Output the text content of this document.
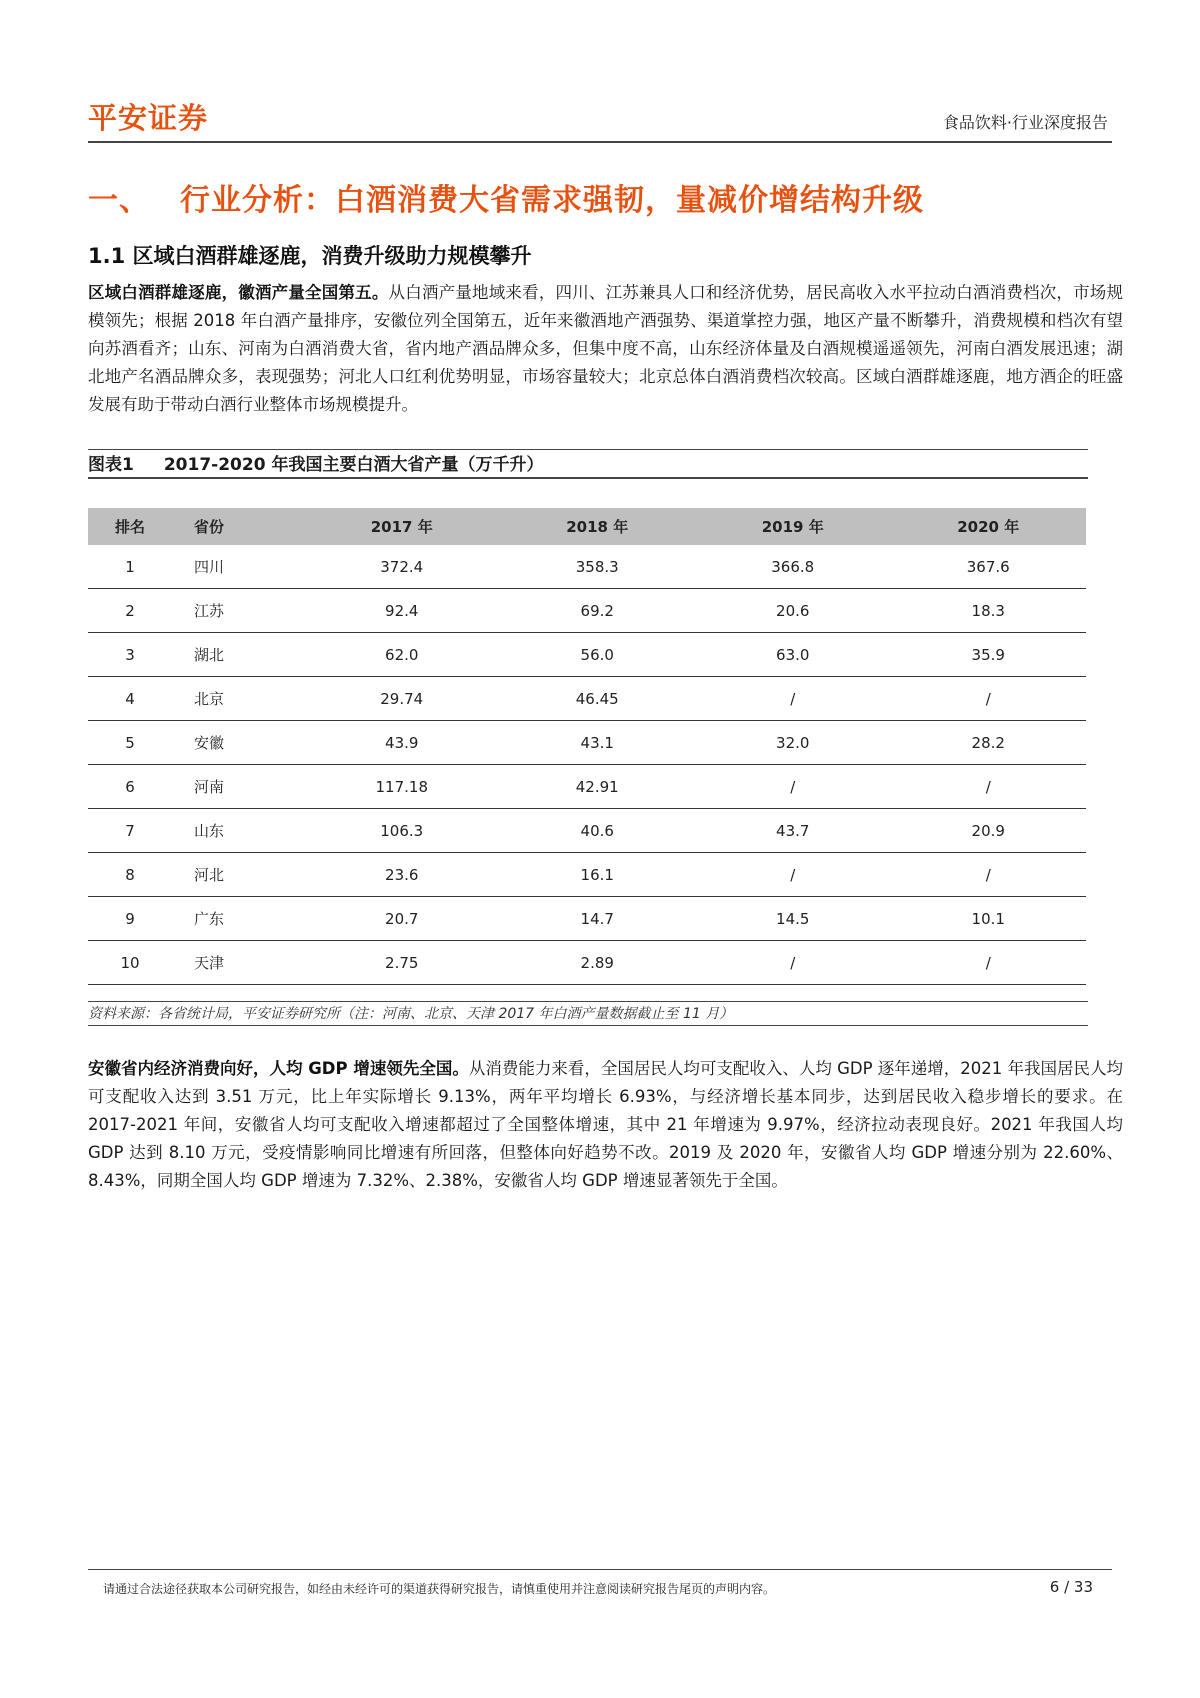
平安证券	食品饮料·行业深度报告
一、 行业分析：白酒消费大省需求强韧，量减价增结构升级
1.1 区域白酒群雄逐鹿，消费升级助力规模攀升

区域白酒群雄逐鹿，徽酒产量全国第五。从白酒产量地域来看，四川、江苏兼具人口和经济优势，居民高收入水平拉动白酒消费档次，市场规模领先；根据 2018 年白酒产量排序，安徽位列全国第五，近年来徽酒地产酒强势、渠道掌控力强，地区产量不断攀升，消费规模和档次有望向苏酒看齐；山东、河南为白酒消费大省，省内地产酒品牌众多，但集中度不高，山东经济体量及白酒规模遥遥领先，河南白酒发展迅速；湖北地产名酒品牌众多，表现强势；河北人口红利优势明显，市场容量较大；北京总体白酒消费档次较高。区域白酒群雄逐鹿，地方酒企的旺盛发展有助于带动白酒行业整体市场规模提升。

图表1 2017-2020 年我国主要白酒大省产量（万千升）
排名	省份	2017 年	2018 年	2019 年	2020 年
1	四川	372.4	358.3	366.8	367.6
2	江苏	92.4	69.2	20.6	18.3
3	湖北	62.0	56.0	63.0	35.9
4	北京	29.74	46.45	/	/
5	安徽	43.9	43.1	32.0	28.2
6	河南	117.18	42.91	/	/
7	山东	106.3	40.6	43.7	20.9
8	河北	23.6	16.1	/	/
9	广东	20.7	14.7	14.5	10.1
10	天津	2.75	2.89	/	/
资料来源：各省统计局，平安证券研究所（注：河南、北京、天津 2017 年白酒产量数据截止至 11 月）

安徽省内经济消费向好，人均 GDP 增速领先全国。从消费能力来看，全国居民人均可支配收入、人均 GDP 逐年递增，2021 年我国居民人均可支配收入达到 3.51 万元，比上年实际增长 9.13%，两年平均增长 6.93%，与经济增长基本同步，达到居民收入稳步增长的要求。在 2017-2021 年间，安徽省人均可支配收入增速都超过了全国整体增速，其中 21 年增速为 9.97%，经济拉动表现良好。2021 年我国人均 GDP 达到 8.10 万元，受疫情影响同比增速有所回落，但整体向好趋势不改。2019 及 2020 年，安徽省人均 GDP 增速分别为 22.60%、8.43%，同期全国人均 GDP 增速为 7.32%、2.38%，安徽省人均 GDP 增速显著领先于全国。

请通过合法途径获取本公司研究报告，如经由未经许可的渠道获得研究报告，请慎重使用并注意阅读研究报告尾页的声明内容。	6 / 33
